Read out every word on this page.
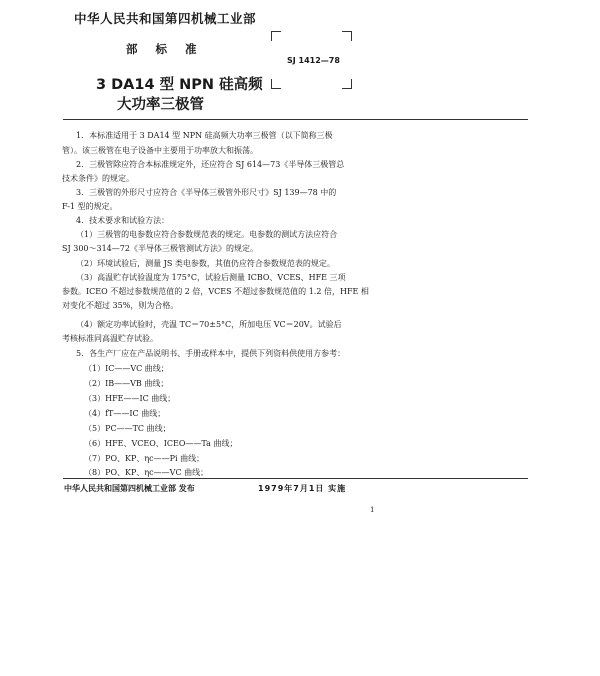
中华人民共和国第四机械工业部
部 标 准
SJ 1412—78
3 DA14 型 NPN 硅高频
大功率三极管
1．本标准适用于 3 DA14 型 NPN 硅高频大功率三极管（以下简称三极
管）。该三极管在电子设备中主要用于功率放大和振荡。
2．三极管除应符合本标准规定外，还应符合 SJ 614—73《半导体三极管总
技术条件》的规定。
3．三极管的外形尺寸应符合《半导体三极管外形尺寸》SJ 139—78 中的
F-1 型的规定。
4．技术要求和试验方法：
（1）三极管的电参数应符合参数规范表的规定。电参数的测试方法应符合
SJ 300～314—72《半导体三极管测试方法》的规定。
（2）环境试验后，测量 JS 类电参数，其值仍应符合参数规范表的规定。
（3）高温贮存试验温度为 175°C，试验后测量 ICBO、VCES、HFE 三项
参数。ICEO 不超过参数规范值的 2 倍，VCES 不超过参数规范值的 1.2 倍，HFE 相
对变化不超过 35%，则为合格。
（4）额定功率试验时，壳温 TC＝70±5°C，所加电压 VC＝20V。试验后
考核标准同高温贮存试验。
5．各生产厂应在产品说明书、手册或样本中，提供下列资料供使用方参考：
（1）IC——VC 曲线；
（2）IB——VB 曲线；
（3）HFE——IC 曲线；
（4）fT——IC 曲线；
（5）PC——TC 曲线；
（6）HFE、VCEO、ICEO——Ta 曲线；
（7）PO、KP、ηc——Pi 曲线；
（8）PO、KP、ηc——VC 曲线；
中华人民共和国第四机械工业部 发布	1979年7月1日 实施
1
